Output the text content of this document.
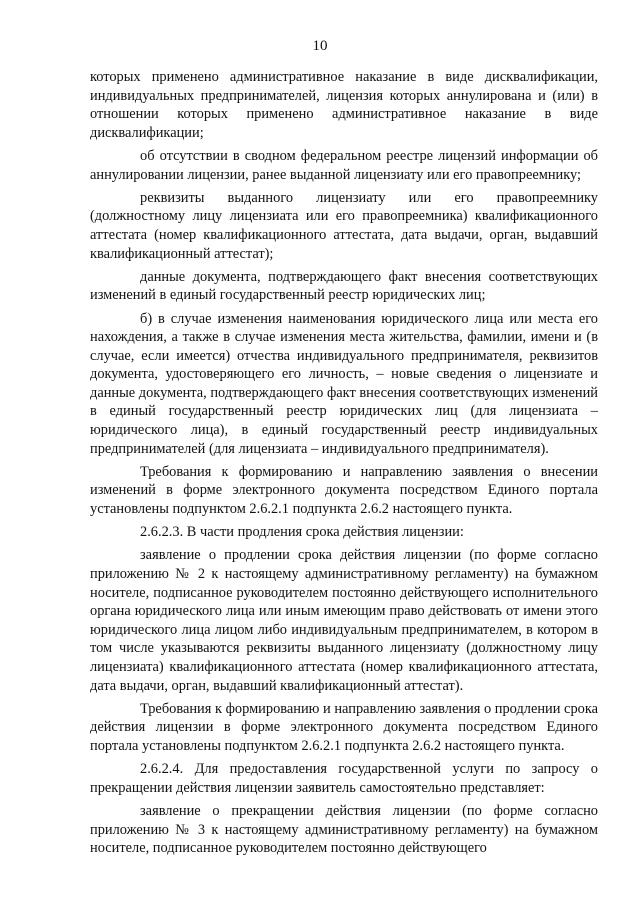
10

которых применено административное наказание в виде дисквалификации, индивидуальных предпринимателей, лицензия которых аннулирована и (или) в отношении которых применено административное наказание в виде дисквалификации;

об отсутствии в сводном федеральном реестре лицензий информации об аннулировании лицензии, ранее выданной лицензиату или его правопреемнику;

реквизиты выданного лицензиату или его правопреемнику (должностному лицу лицензиата или его правопреемника) квалификационного аттестата (номер квалификационного аттестата, дата выдачи, орган, выдавший квалификационный аттестат);

данные документа, подтверждающего факт внесения соответствующих изменений в единый государственный реестр юридических лиц;

б) в случае изменения наименования юридического лица или места его нахождения, а также в случае изменения места жительства, фамилии, имени и (в случае, если имеется) отчества индивидуального предпринимателя, реквизитов документа, удостоверяющего его личность, – новые сведения о лицензиате и данные документа, подтверждающего факт внесения соответствующих изменений в единый государственный реестр юридических лиц (для лицензиата – юридического лица), в единый государственный реестр индивидуальных предпринимателей (для лицензиата – индивидуального предпринимателя).

Требования к формированию и направлению заявления о внесении изменений в форме электронного документа посредством Единого портала установлены подпунктом 2.6.2.1 подпункта 2.6.2 настоящего пункта.

2.6.2.3. В части продления срока действия лицензии:

заявление о продлении срока действия лицензии (по форме согласно приложению № 2 к настоящему административному регламенту) на бумажном носителе, подписанное руководителем постоянно действующего исполнительного органа юридического лица или иным имеющим право действовать от имени этого юридического лица лицом либо индивидуальным предпринимателем, в котором в том числе указываются реквизиты выданного лицензиату (должностному лицу лицензиата) квалификационного аттестата (номер квалификационного аттестата, дата выдачи, орган, выдавший квалификационный аттестат).

Требования к формированию и направлению заявления о продлении срока действия лицензии в форме электронного документа посредством Единого портала установлены подпунктом 2.6.2.1 подпункта 2.6.2 настоящего пункта.

2.6.2.4. Для предоставления государственной услуги по запросу о прекращении действия лицензии заявитель самостоятельно представляет:

заявление о прекращении действия лицензии (по форме согласно приложению № 3 к настоящему административному регламенту) на бумажном носителе, подписанное руководителем постоянно действующего
